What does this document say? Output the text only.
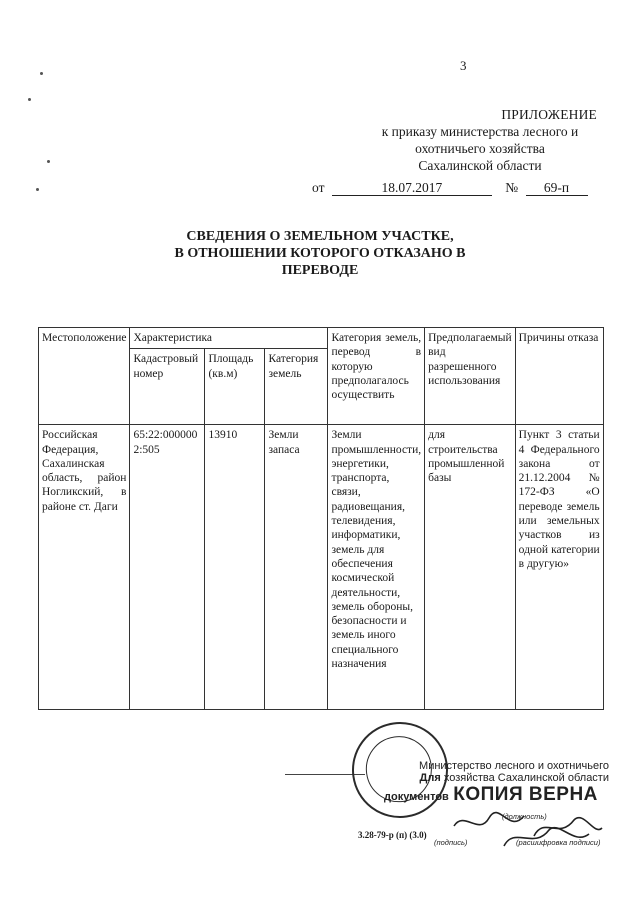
3
ПРИЛОЖЕНИЕ
к приказу министерства лесного и
охотничьего хозяйства
Сахалинской области
от	18.07.2017	№ 69-п
СВЕДЕНИЯ О ЗЕМЕЛЬНОМ УЧАСТКЕ,
В ОТНОШЕНИИ КОТОРОГО ОТКАЗАНО В
ПЕРЕВОДЕ
Местоположение	Характеристика			Категория земель, перевод в которую предполагалось осуществить	Предполагаемый вид разрешенного использования	Причины отказа
	Кадастровый номер	Площадь (кв.м)	Категория земель			
Российская Федерация, Сахалинская область, район Ногликский, в районе ст. Даги	65:22:0000002:505	13910	Земли запаса	Земли промышленности, энергетики, транспорта, связи, радиовещания, телевидения, информатики, земель для обеспечения космической деятельности, земель обороны, безопасности и земель иного специального назначения	для строительства промышленной базы	Пункт 3 статьи 4 Федерального закона от 21.12.2004 № 172-ФЗ «О переводе земель или земельных участков из одной категории в другую»
Министерство лесного и охотничьего
Для хозяйства Сахалинской области
документов КОПИЯ ВЕРНА
(должность)
(подпись)	(расшифровка подписи)
3.28-79-р (п) (3.0)
